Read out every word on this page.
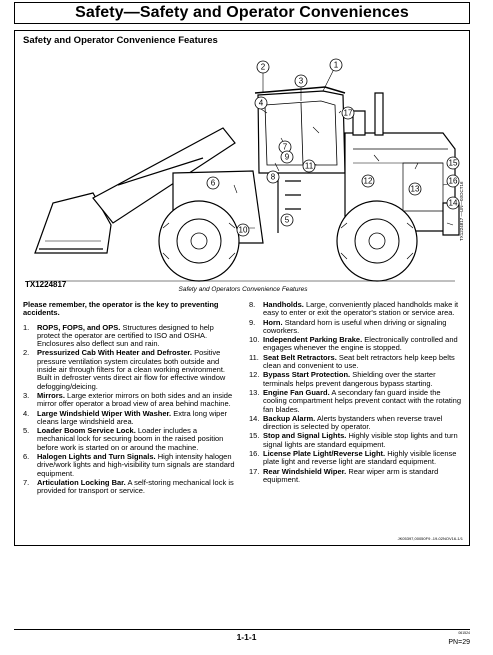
Safety—Safety and Operator Conveniences
Safety and Operator Convenience Features
1
2
3
4
5
6
7
8
9
10
11
12
13
14
15
16
17
TX1224817
TX1224817 —UN—03OCT16
Safety and Operators Convenience Features
Please remember, the operator is the key to preventing accidents.
1. ROPS, FOPS, and OPS. Structures designed to help protect the operator are certified to ISO and OSHA. Enclosures also deflect sun and rain.
2. Pressurized Cab With Heater and Defroster. Positive pressure ventilation system circulates both outside and inside air through filters for a clean working environment. Built in defroster vents direct air flow for effective window defogging/deicing.
3. Mirrors. Large exterior mirrors on both sides and an inside mirror offer operator a broad view of area behind machine.
4. Large Windshield Wiper With Washer. Extra long wiper cleans large windshield area.
5. Loader Boom Service Lock. Loader includes a mechanical lock for securing boom in the raised position before work is started on or around the machine.
6. Halogen Lights and Turn Signals. High intensity halogen drive/work lights and high-visibility turn signals are standard equipment.
7. Articulation Locking Bar. A self-storing mechanical lock is provided for transport or service.
8. Handholds. Large, conveniently placed handholds make it easy to enter or exit the operator's station or service area.
9. Horn. Standard horn is useful when driving or signaling coworkers.
10. Independent Parking Brake. Electronically controlled and engages whenever the engine is stopped.
11. Seat Belt Retractors. Seat belt retractors help keep belts clean and convenient to use.
12. Bypass Start Protection. Shielding over the starter terminals helps prevent dangerous bypass starting.
13. Engine Fan Guard. A secondary fan guard inside the cooling compartment helps prevent contact with the rotating fan blades.
14. Backup Alarm. Alerts bystanders when reverse travel direction is selected by operator.
15. Stop and Signal Lights. Highly visible stop lights and turn signal lights are standard equipment.
16. License Plate Light/Reverse Light. Highly visible license plate light and reverse light are standard equipment.
17. Rear Windshield Wiper. Rear wiper arm is standard equipment.
JK05397,00050F9 -19-02NOV16-1/1
1-1-1	061524
PN=29
